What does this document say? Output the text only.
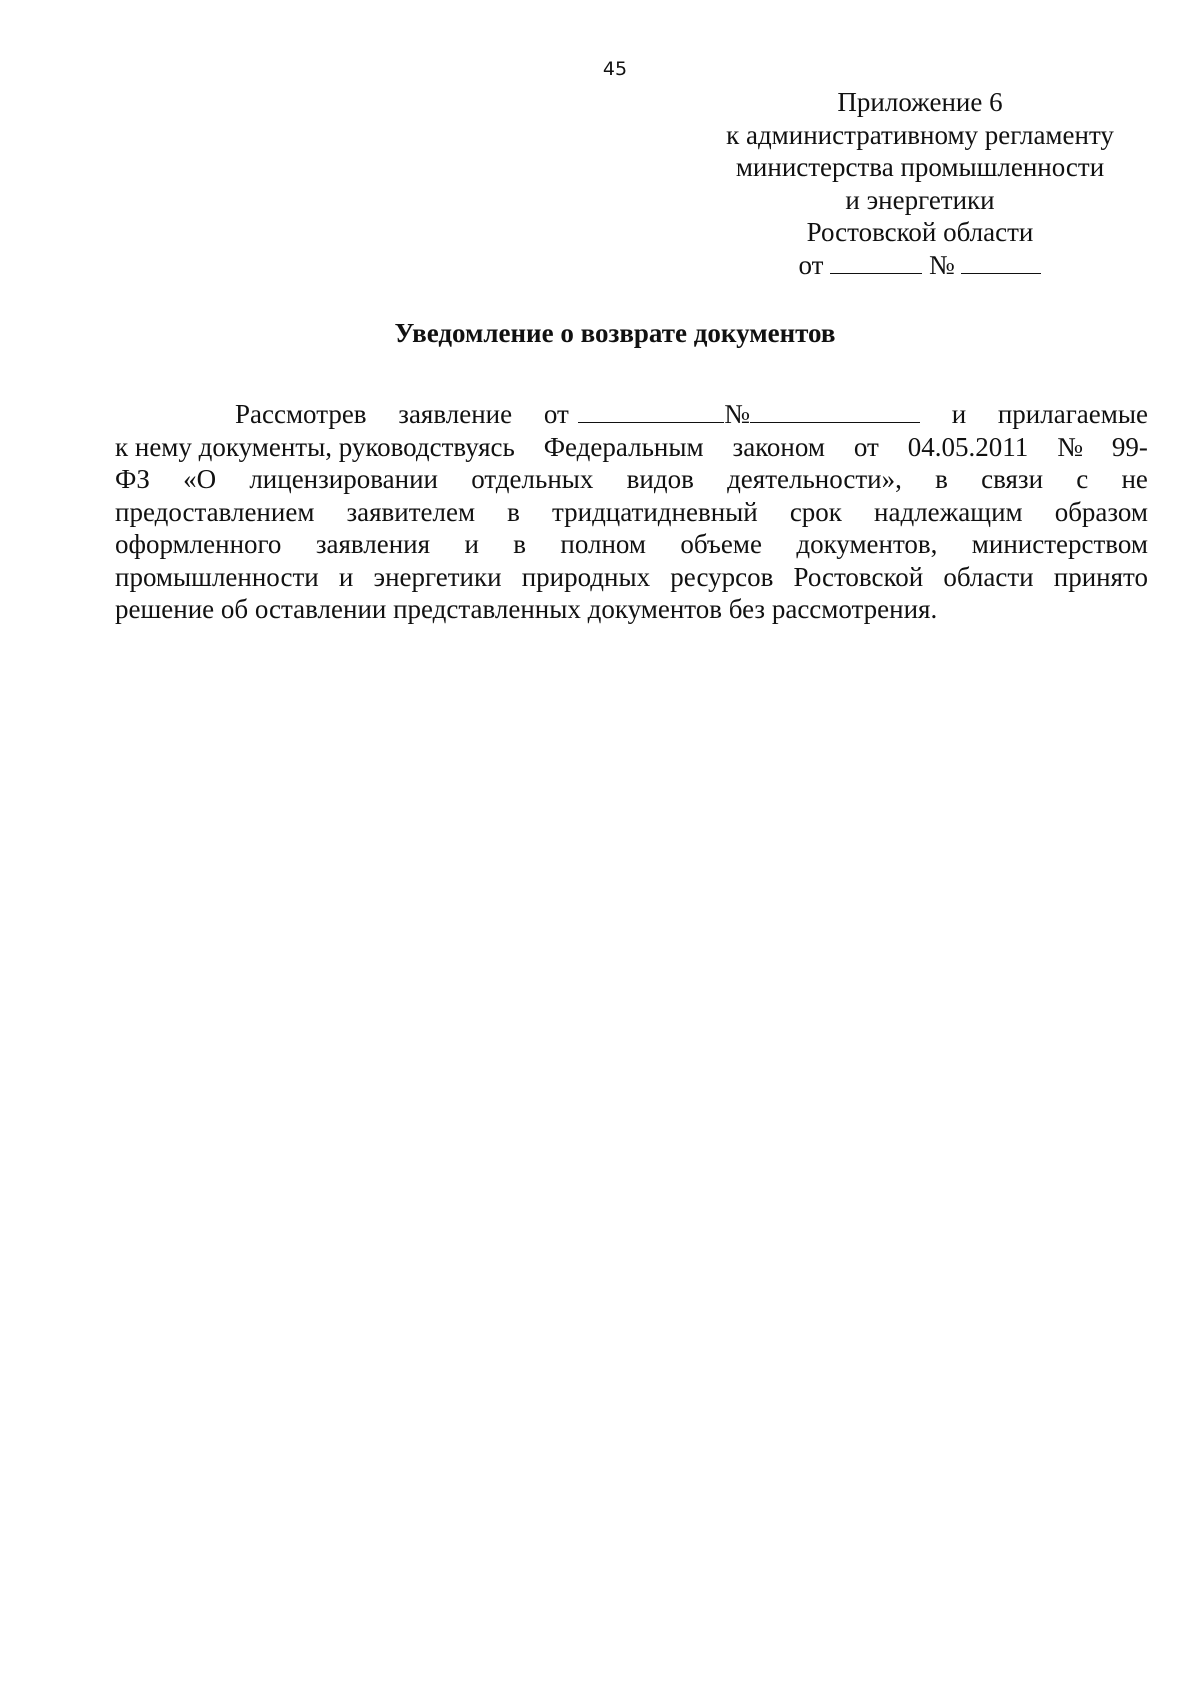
45
Приложение 6
к административному регламенту
министерства промышленности
и энергетики
Ростовской области
от	№
Уведомление о возврате документов
Рассмотрев заявление от	№	и прилагаемые
к нему документы, руководствуясь Федеральным законом от 04.05.2011 № 99-
ФЗ «О лицензировании отдельных видов деятельности», в связи с не
предоставлением заявителем в тридцатидневный срок надлежащим образом
оформленного заявления и в полном объеме документов, министерством
промышленности и энергетики природных ресурсов Ростовской области принято
решение об оставлении представленных документов без рассмотрения.
